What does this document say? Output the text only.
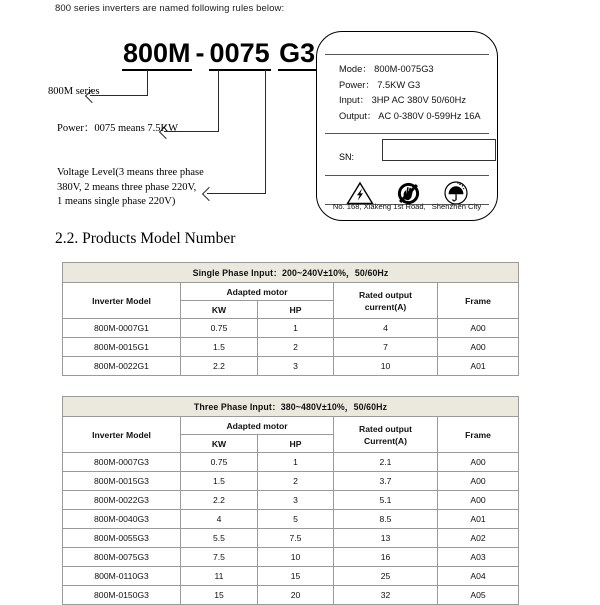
800 series inverters are named following rules below:
800M - 0075 G3
800M series
Power：0075 means 7.5KW
Voltage Level(3 means three phase
380V, 2 means three phase 220V,
1 means single phase 220V)
Mode： 800M-0075G3
Power： 7.5KW G3
Input： 3HP AC 380V 50/60Hz
Output： AC 0-380V 0-599Hz 16A
SN:
No. 168, Xiakeng 1st Road, Shenzhen City
2.2. Products Model Number
Single Phase Input：200~240V±10%，50/60Hz				
Inverter Model	Adapted motor		Rated output
current(A)	Frame
	KW	HP		
800M-0007G1	0.75	1	4	A00
800M-0015G1	1.5	2	7	A00
800M-0022G1	2.2	3	10	A01
Three Phase Input：380~480V±10%，50/60Hz				
Inverter Model	Adapted motor		Rated output
Current(A)	Frame
	KW	HP		
800M-0007G3	0.75	1	2.1	A00
800M-0015G3	1.5	2	3.7	A00
800M-0022G3	2.2	3	5.1	A00
800M-0040G3	4	5	8.5	A01
800M-0055G3	5.5	7.5	13	A02
800M-0075G3	7.5	10	16	A03
800M-0110G3	11	15	25	A04
800M-0150G3	15	20	32	A05
